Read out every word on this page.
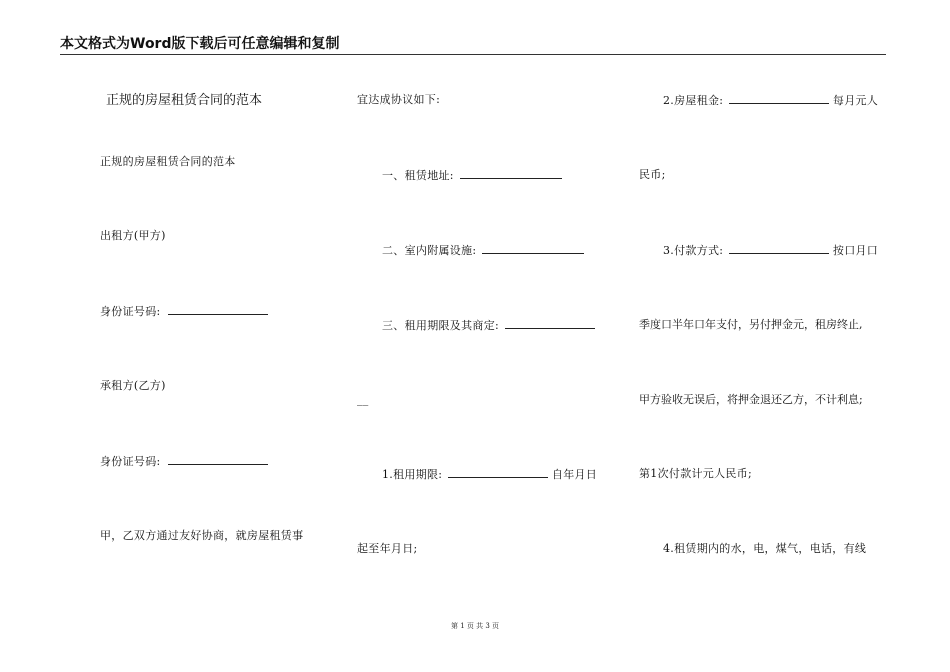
本文格式为Word版下载后可任意编辑和复制
正规的房屋租赁合同的范本
正规的房屋租赁合同的范本
出租方(甲方)
身份证号码:
承租方(乙方)
身份证号码:
甲，乙双方通过友好协商，就房屋租赁事
宜达成协议如下:
一、租赁地址:
二、室内附属设施:
三、租用期限及其商定:
__
1.租用期限:	自年月日
起至年月日;
2.房屋租金:	每月元人
民币;
3.付款方式:	按口月口
季度口半年口年支付，另付押金元，租房终止,
甲方验收无误后，将押金退还乙方，不计利息;
第1次付款计元人民币;
4.租赁期内的水，电，煤气，电话，有线
第 1 页 共 3 页
